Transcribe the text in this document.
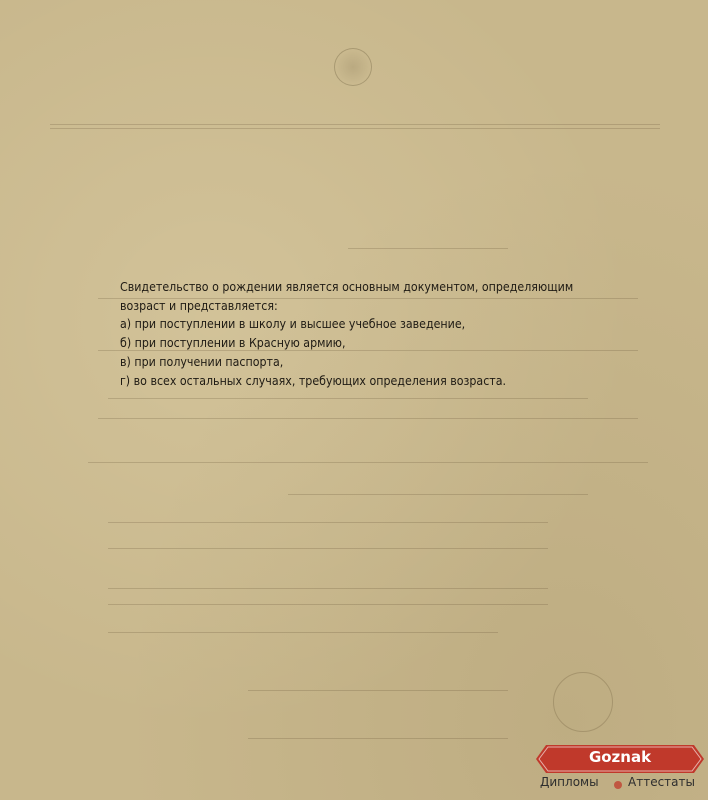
Свидетельство о рождении является основным документом, определяющим
возраст и представляется:
а) при поступлении в школу и высшее учебное заведение,
б) при поступлении в Красную армию,
в) при получении паспорта,
г) во всех остальных случаях, требующих определения возраста.
Goznak
Дипломы Аттестаты
